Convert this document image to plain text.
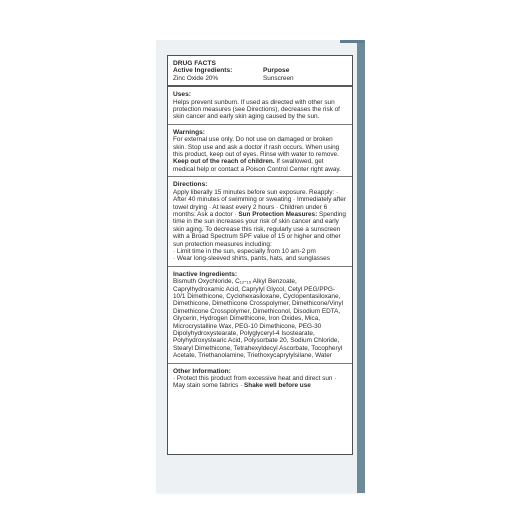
DRUG FACTS
Active Ingredients:
Zinc Oxide 20%

Purpose
Sunscreen
Uses:

Helps prevent sunburn. If used as directed with other sun protection measures (see Directions), decreases the risk of skin cancer and early skin aging caused by the sun.

Warnings:

For external use only. Do not use on damaged or broken skin. Stop use and ask a doctor if rash occurs. When using this product, keep out of eyes. Rinse with water to remove. Keep out of the reach of children. If swallowed, get medical help or contact a Poison Control Center right away.

Directions:

Apply liberally 15 minutes before sun exposure. Reapply: · After 40 minutes of swimming or sweating · Immediately after towel drying · At least every 2 hours · Children under 6 months: Ask a doctor · Sun Protection Measures: Spending time in the sun increases your risk of skin cancer and early skin aging. To decrease this risk, regularly use a sunscreen with a Broad Spectrum SPF value of 15 or higher and other sun protection measures including:

· Limit time in the sun, especially from 10 am-2 pm
· Wear long-sleeved shirts, pants, hats, and sunglasses
Inactive Ingredients:

Bismuth Oxychloride, C₁₂-₁₅ Alkyl Benzoate, Caprylhydroxamic Acid, Caprylyl Glycol, Cetyl PEG/PPG-10/1 Dimethicone, Cyclohexasiloxane, Cyclopentasiloxane, Dimethicone, Dimethicone Crosspolymer, Dimethicone/Vinyl Dimethicone Crosspolymer, Dimethiconol, Disodium EDTA, Glycerin, Hydrogen Dimethicone, Iron Oxides, Mica, Microcrystalline Wax, PEG-10 Dimethicone, PEG-30 Dipolyhydroxystearate, Polyglyceryl-4 Isostearate, Polyhydroxystearic Acid, Polysorbate 20, Sodium Chloride, Stearyl Dimethicone, Tetrahexyldecyl Ascorbate, Tocopheryl Acetate, Triethanolamine, Triethoxycaprylylsilane, Water

Other Information:

· Protect this product from excessive heat and direct sun · May stain some fabrics · Shake well before use
